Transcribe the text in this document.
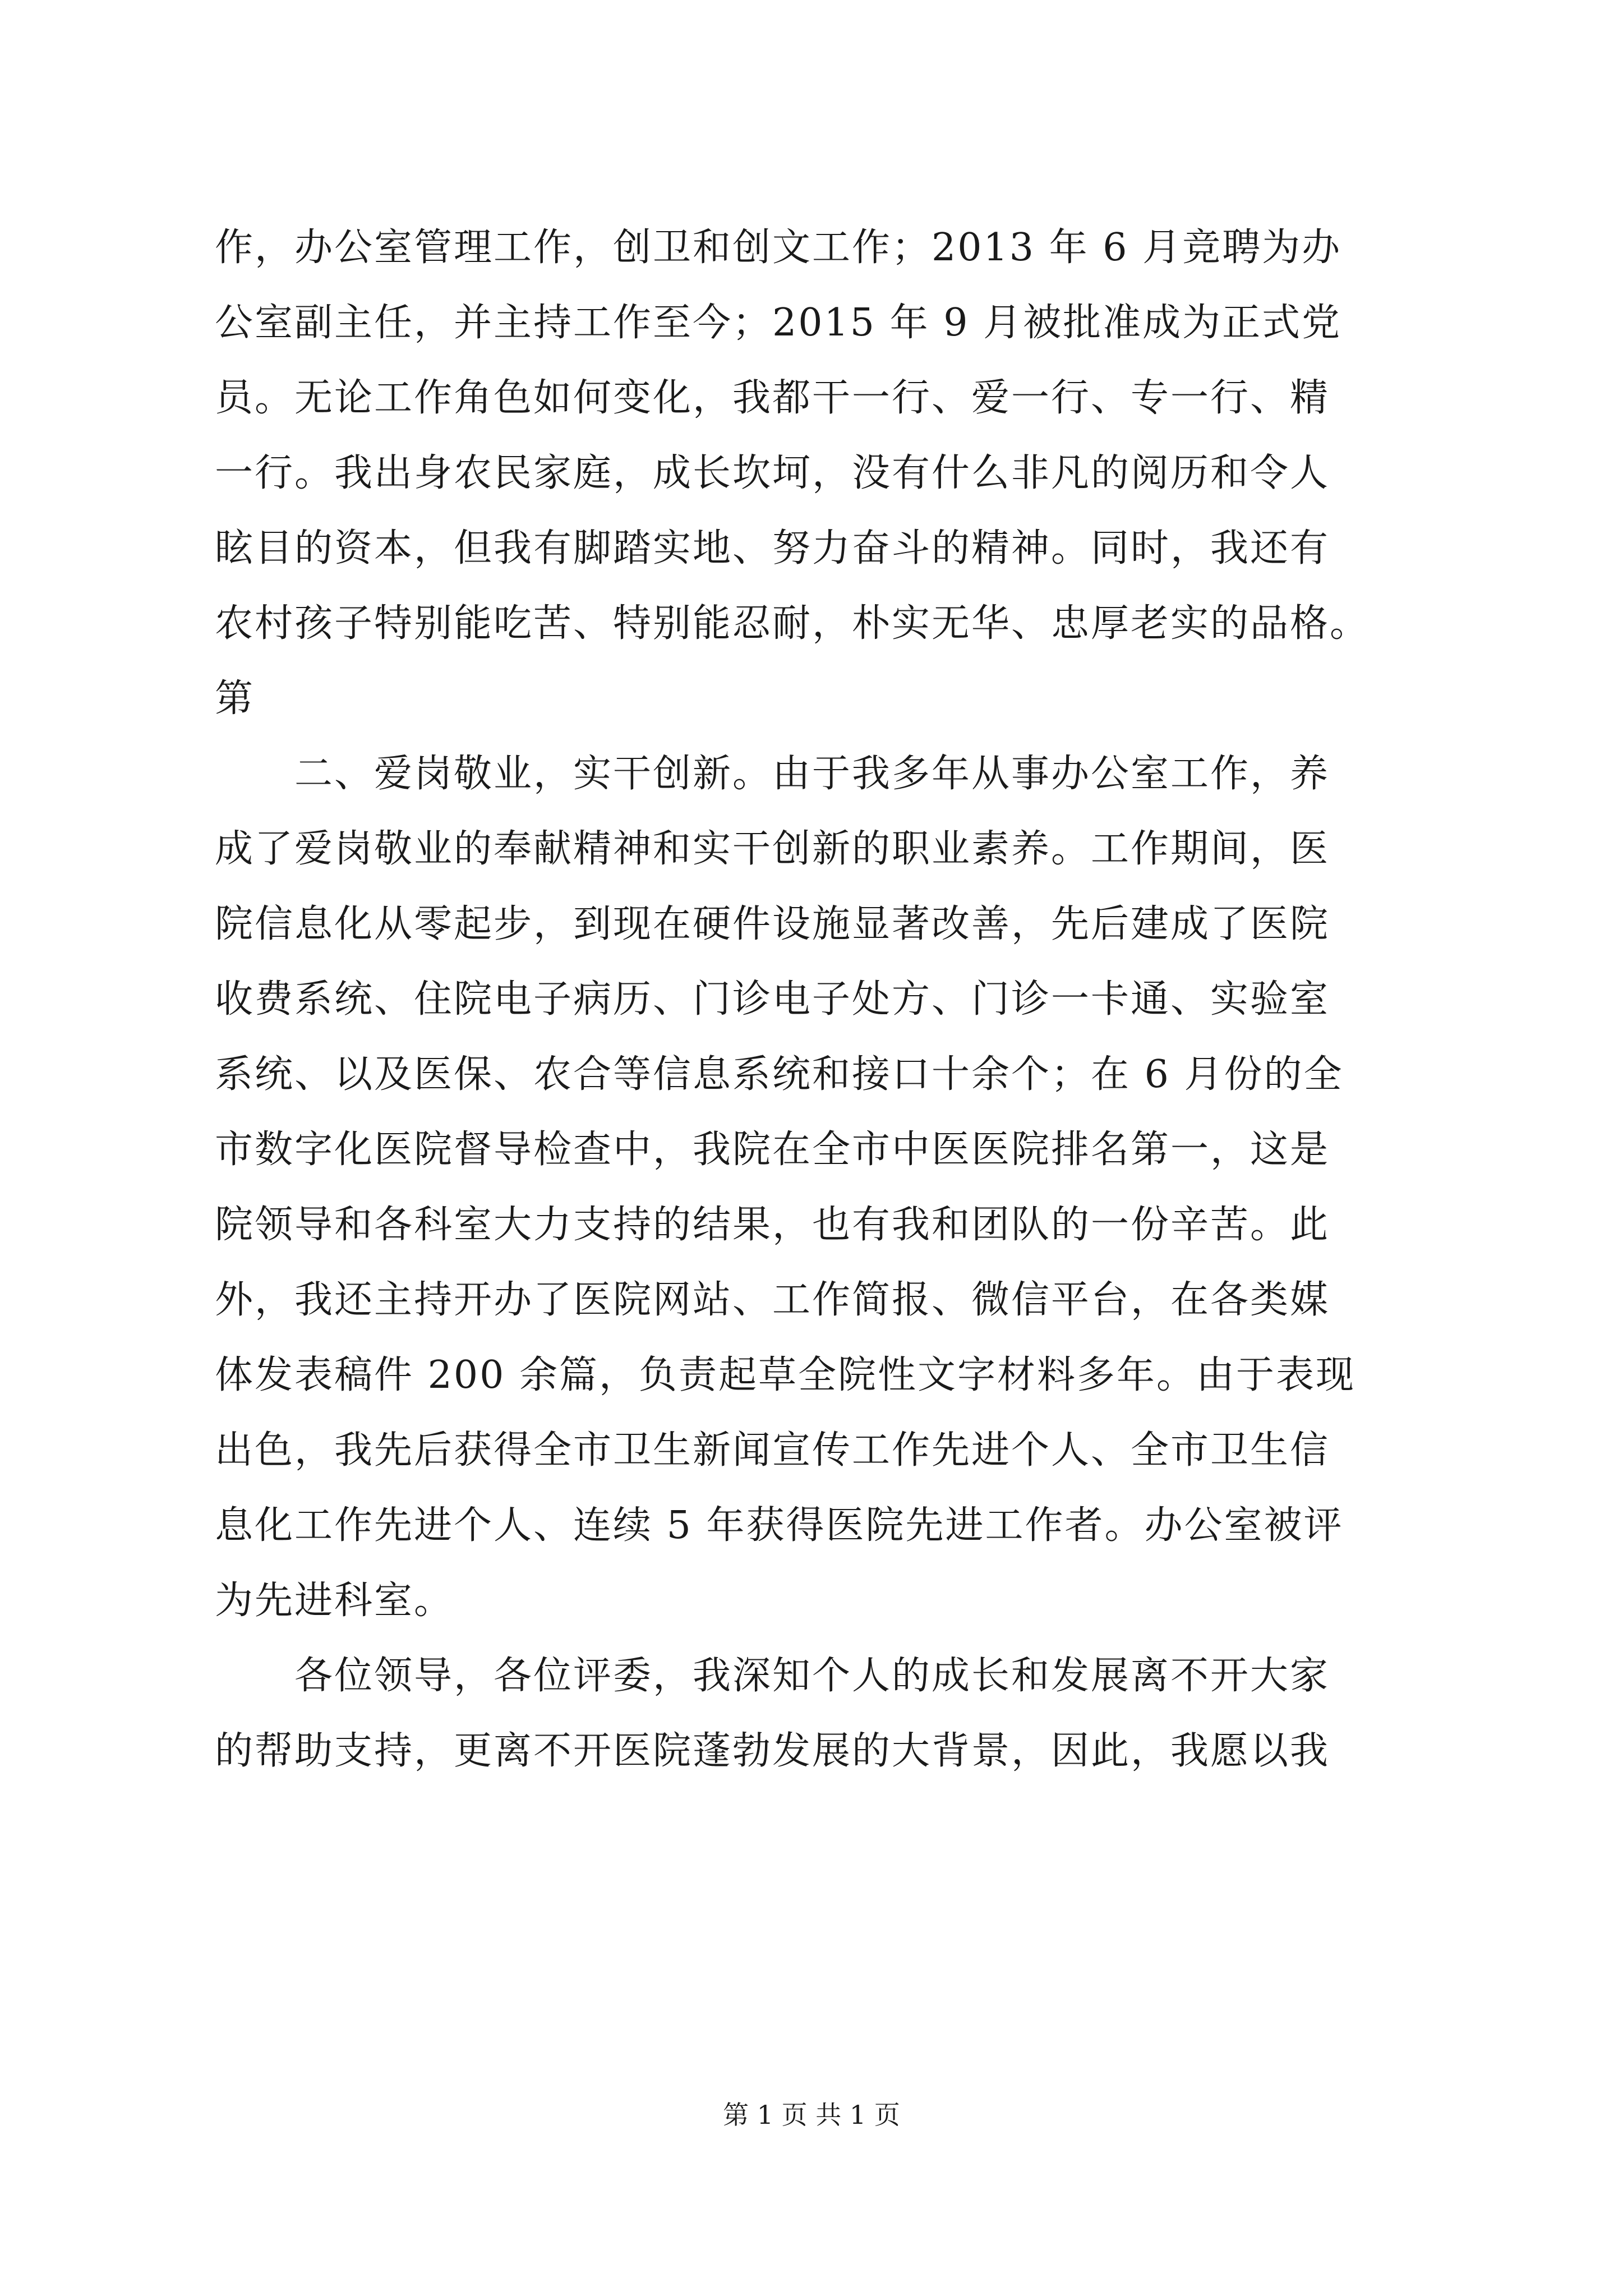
作，办公室管理工作，创卫和创文工作；2013 年 6 月竞聘为办
公室副主任，并主持工作至今；2015 年 9 月被批准成为正式党
员。无论工作角色如何变化，我都干一行、爱一行、专一行、精
一行。我出身农民家庭，成长坎坷，没有什么非凡的阅历和令人
眩目的资本，但我有脚踏实地、努力奋斗的精神。同时，我还有
农村孩子特别能吃苦、特别能忍耐，朴实无华、忠厚老实的品格。
第
　　二、爱岗敬业，实干创新。由于我多年从事办公室工作，养
成了爱岗敬业的奉献精神和实干创新的职业素养。工作期间，医
院信息化从零起步，到现在硬件设施显著改善，先后建成了医院
收费系统、住院电子病历、门诊电子处方、门诊一卡通、实验室
系统、以及医保、农合等信息系统和接口十余个；在 6 月份的全
市数字化医院督导检查中，我院在全市中医医院排名第一，这是
院领导和各科室大力支持的结果，也有我和团队的一份辛苦。此
外，我还主持开办了医院网站、工作简报、微信平台，在各类媒
体发表稿件 200 余篇，负责起草全院性文字材料多年。由于表现
出色，我先后获得全市卫生新闻宣传工作先进个人、全市卫生信
息化工作先进个人、连续 5 年获得医院先进工作者。办公室被评
为先进科室。
　　各位领导，各位评委，我深知个人的成长和发展离不开大家
的帮助支持，更离不开医院蓬勃发展的大背景，因此，我愿以我
第 1 页 共 1 页
